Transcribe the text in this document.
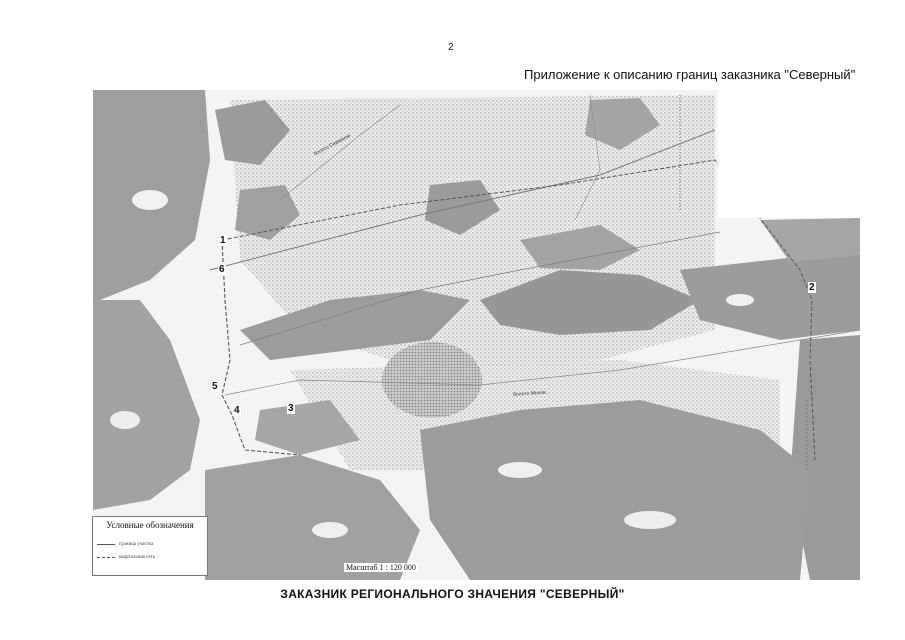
2
Приложение к описанию границ заказника "Северный"
болото Северное
болото Мохов...
1
2
3
4
5
6
Условные обозначения
граница участка
квартальная сеть
Масштаб 1 : 120 000
ЗАКАЗНИК РЕГИОНАЛЬНОГО ЗНАЧЕНИЯ "СЕВЕРНЫЙ"
